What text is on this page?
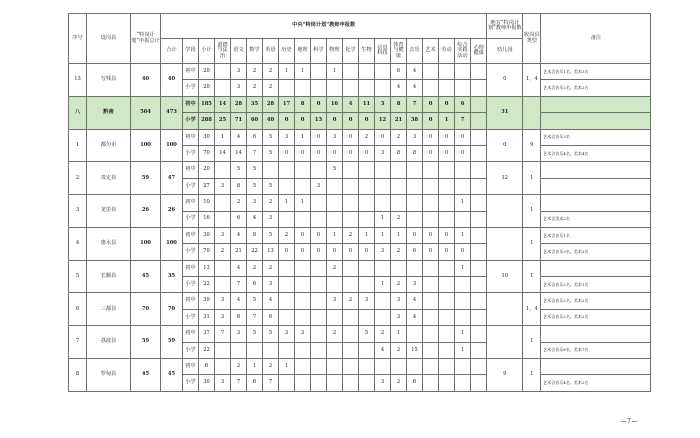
序号	设岗县	“特岗计划”申报总计	中央“特岗计划”教师申报数																				地方“特岗计划”教师申报数	收岗县类型	备注
			合计	学段	小计	道德与法治	语文	数学	英语	历史	地理	科学	物理	化学	生物	信息科技	体育与健康	音乐	艺术	劳动	综合实践活动	心理健康	幼儿园		
13	写残县	40	40	初中	20		3	2	2	1	1		1				6	4					0	1、4	艺术含音乐1名、美术3名
				小学	20		3	2	2								4	4							艺术含音乐2名、美术2名
八	黔南	504	473	初中	185	14	28	35	28	17	8	0	16	4	11	3	8	7	0	0	6		31		
				小学	288	25	71	60	40	0	0	13	0	0	0	12	21	38	0	1	7				
1	都匀市	100	100	初中	30	1	4	6	5	3	1	0	3	0	2	0	2	3	0	0	0		0	9	艺术含音乐3名
				小学	70	14	14	7	5	0	0	0	0	0	0	3	8	8	0	0	0				艺术含音乐4名、美术4名
2	贵定县	59	47	初中	20		5	5					5										12	1	
				小学	27	3	8	5	5			3													
3	龙里县	26	26	初中	10		2	3	2	1	1										1			1	
				小学	16		6	4	3							1	2								艺术含美术2名
4	惠水县	100	100	初中	30	3	4	8	5	2	0	0	1	2	1	1	1	0	0	0	1			1	艺术含音乐1名
				小学	70	2	21	22	13	0	0	0	0	0	0	3	2	6	0	0	0				艺术含音乐3名、美术3名
5	长顺县	45	35	初中	13		4	2	2				2								1		10	1	
				小学	22		7	6	3							1	2	3							艺术含音乐2名、美术1名
6	三都县	70	70	初中	39	3	4	5	4				3	2	3		3	4						1、4	艺术含音乐2名、美术2名
				小学	31	3	8	7	6								3	4							艺术含音乐2名、美术2名
7	荔波县	59	59	初中	37	7	3	5	5	3	3		2		5	2	1				1			1	
				小学	22											4	2	15			1				艺术含音乐8名、美术7名
8	罗甸县	45	45	初中	6		2	1	2	1													9	1	
				小学	30	3	7	6	7							3	2	6							艺术含音乐4名、美术2名
—7—
